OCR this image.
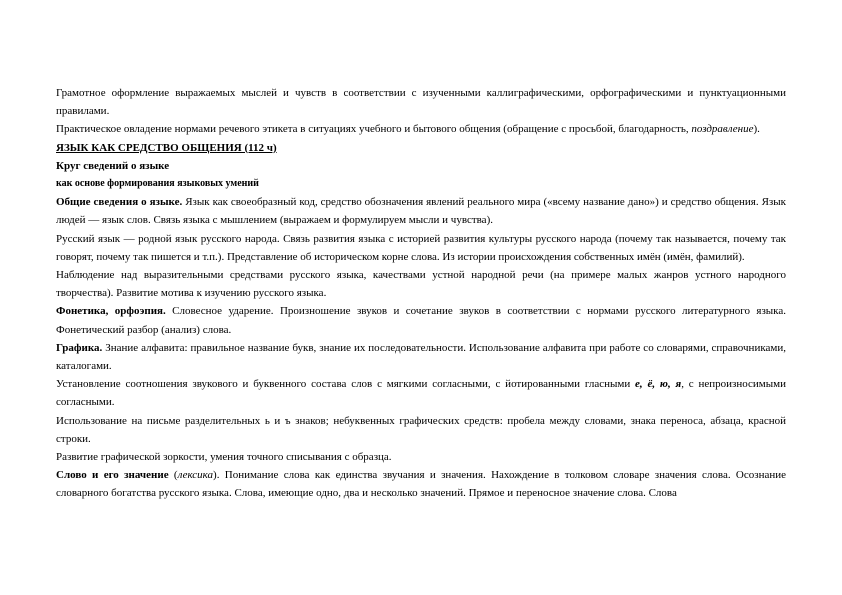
Грамотное оформление выражаемых мыслей и чувств в соответствии с изученными каллиграфическими, орфографическими и пунктуационными правилами.

Практическое овладение нормами речевого этикета в ситуациях учебного и бытового общения (обращение с просьбой, благодарность, поздравление).

ЯЗЫК КАК СРЕДСТВО ОБЩЕНИЯ (112 ч)

Круг сведений о языке

как основе формирования языковых умений

Общие сведения о языке. Язык как своеобразный код, средство обозначения явлений реального мира («всему название дано») и средство общения. Язык людей — язык слов. Связь языка с мышлением (выражаем и формулируем мысли и чувства).

Русский язык — родной язык русского народа. Связь развития языка с историей развития культуры русского народа (почему так называется, почему так говорят, почему так пишется и т.п.). Представление об историческом корне слова. Из истории происхождения собственных имён (имён, фамилий).

Наблюдение над выразительными средствами русского языка, качествами устной народной речи (на примере малых жанров устного народного творчества). Развитие мотива к изучению русского языка.

Фонетика, орфоэпия. Словесное ударение. Произношение звуков и сочетание звуков в соответствии с нормами русского литературного языка. Фонетический разбор (анализ) слова.

Графика. Знание алфавита: правильное название букв, знание их последовательности. Использование алфавита при работе со словарями, справочниками, каталогами.

Установление соотношения звукового и буквенного состава слов с мягкими согласными, с йотированными гласными е, ё, ю, я, с непроизносимыми согласными.

Использование на письме разделительных ь и ъ знаков; небуквенных графических средств: пробела между словами, знака переноса, абзаца, красной строки.

Развитие графической зоркости, умения точного списывания с образца.

Слово и его значение (лексика). Понимание слова как единства звучания и значения. Нахождение в толковом словаре значения слова. Осознание словарного богатства русского языка. Слова, имеющие одно, два и несколько значений. Прямое и переносное значение слова. Слова
